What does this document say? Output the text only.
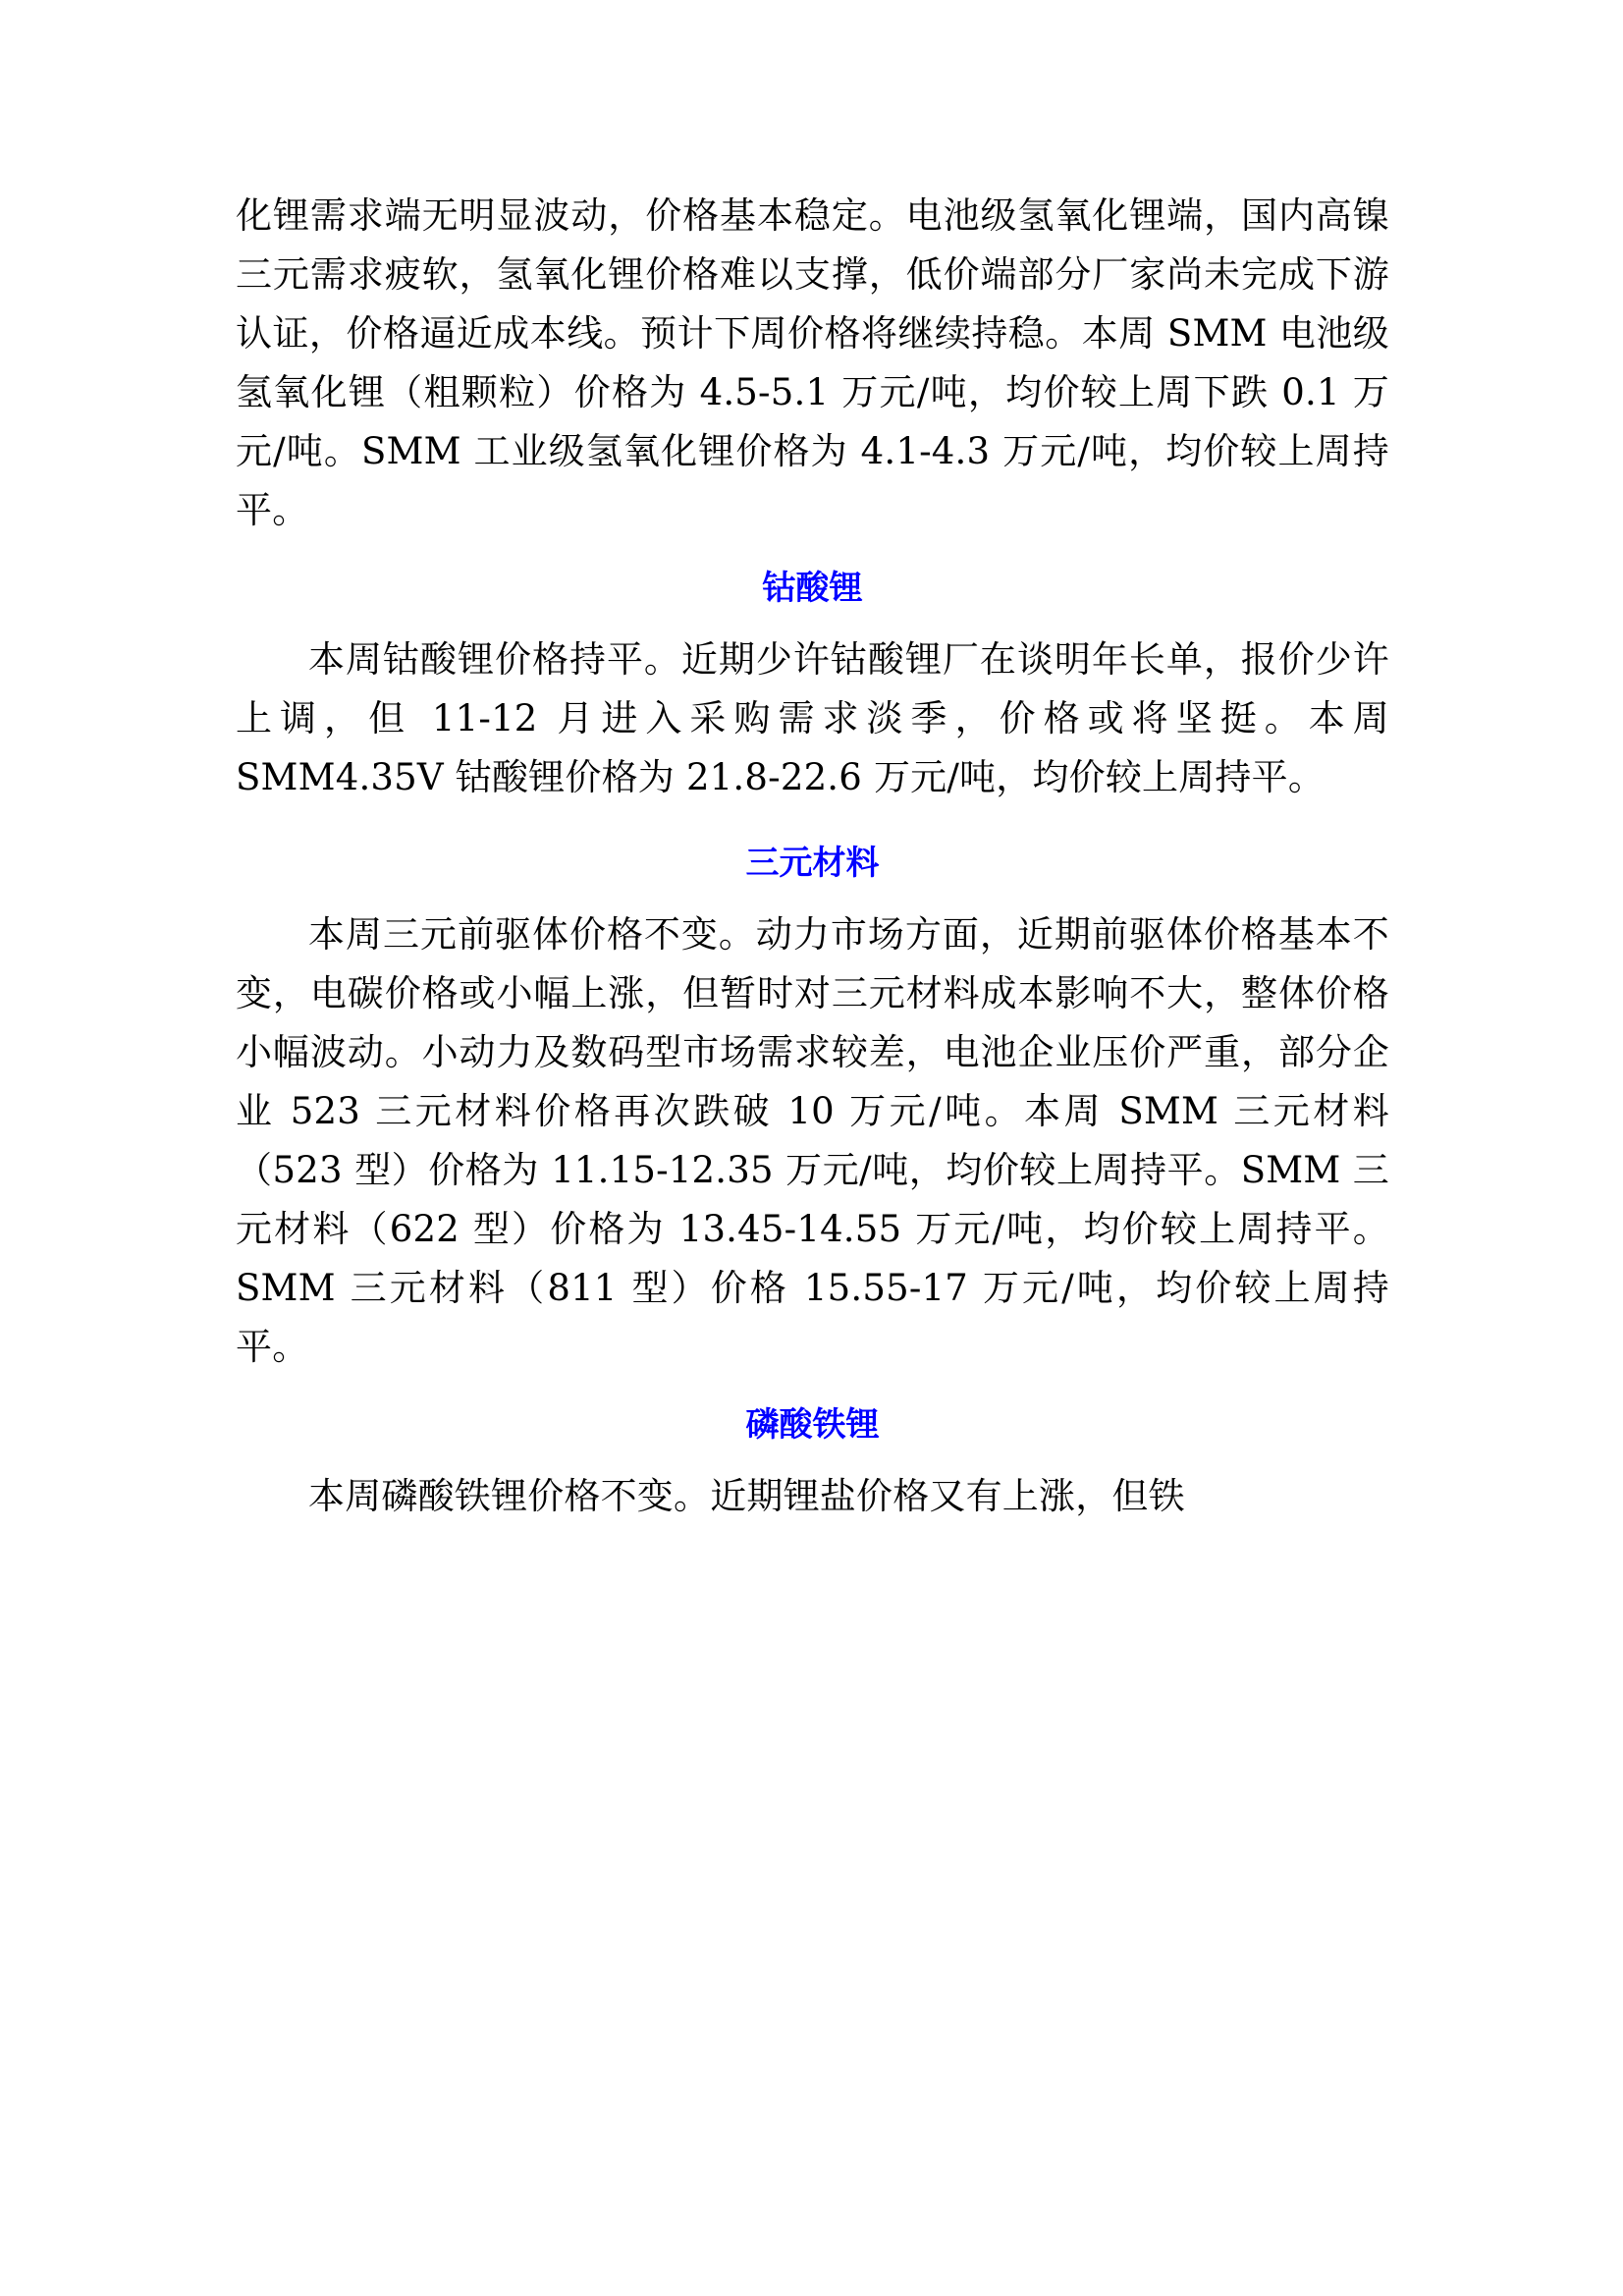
化锂需求端无明显波动，价格基本稳定。电池级氢氧化锂端，国内高镍三元需求疲软，氢氧化锂价格难以支撑，低价端部分厂家尚未完成下游认证，价格逼近成本线。预计下周价格将继续持稳。本周 SMM 电池级氢氧化锂（粗颗粒）价格为 4.5-5.1 万元/吨，均价较上周下跌 0.1 万元/吨。SMM 工业级氢氧化锂价格为 4.1-4.3 万元/吨，均价较上周持平。

钴酸锂

本周钴酸锂价格持平。近期少许钴酸锂厂在谈明年长单，报价少许上调，但 11-12 月进入采购需求淡季，价格或将坚挺。本周 SMM4.35V 钴酸锂价格为 21.8-22.6 万元/吨，均价较上周持平。

三元材料

本周三元前驱体价格不变。动力市场方面，近期前驱体价格基本不变，电碳价格或小幅上涨，但暂时对三元材料成本影响不大，整体价格小幅波动。小动力及数码型市场需求较差，电池企业压价严重，部分企业 523 三元材料价格再次跌破 10 万元/吨。本周 SMM 三元材料（523 型）价格为 11.15-12.35 万元/吨，均价较上周持平。SMM 三元材料（622 型）价格为 13.45-14.55 万元/吨，均价较上周持平。SMM 三元材料（811 型）价格 15.55-17 万元/吨，均价较上周持平。

磷酸铁锂

本周磷酸铁锂价格不变。近期锂盐价格又有上涨，但铁
